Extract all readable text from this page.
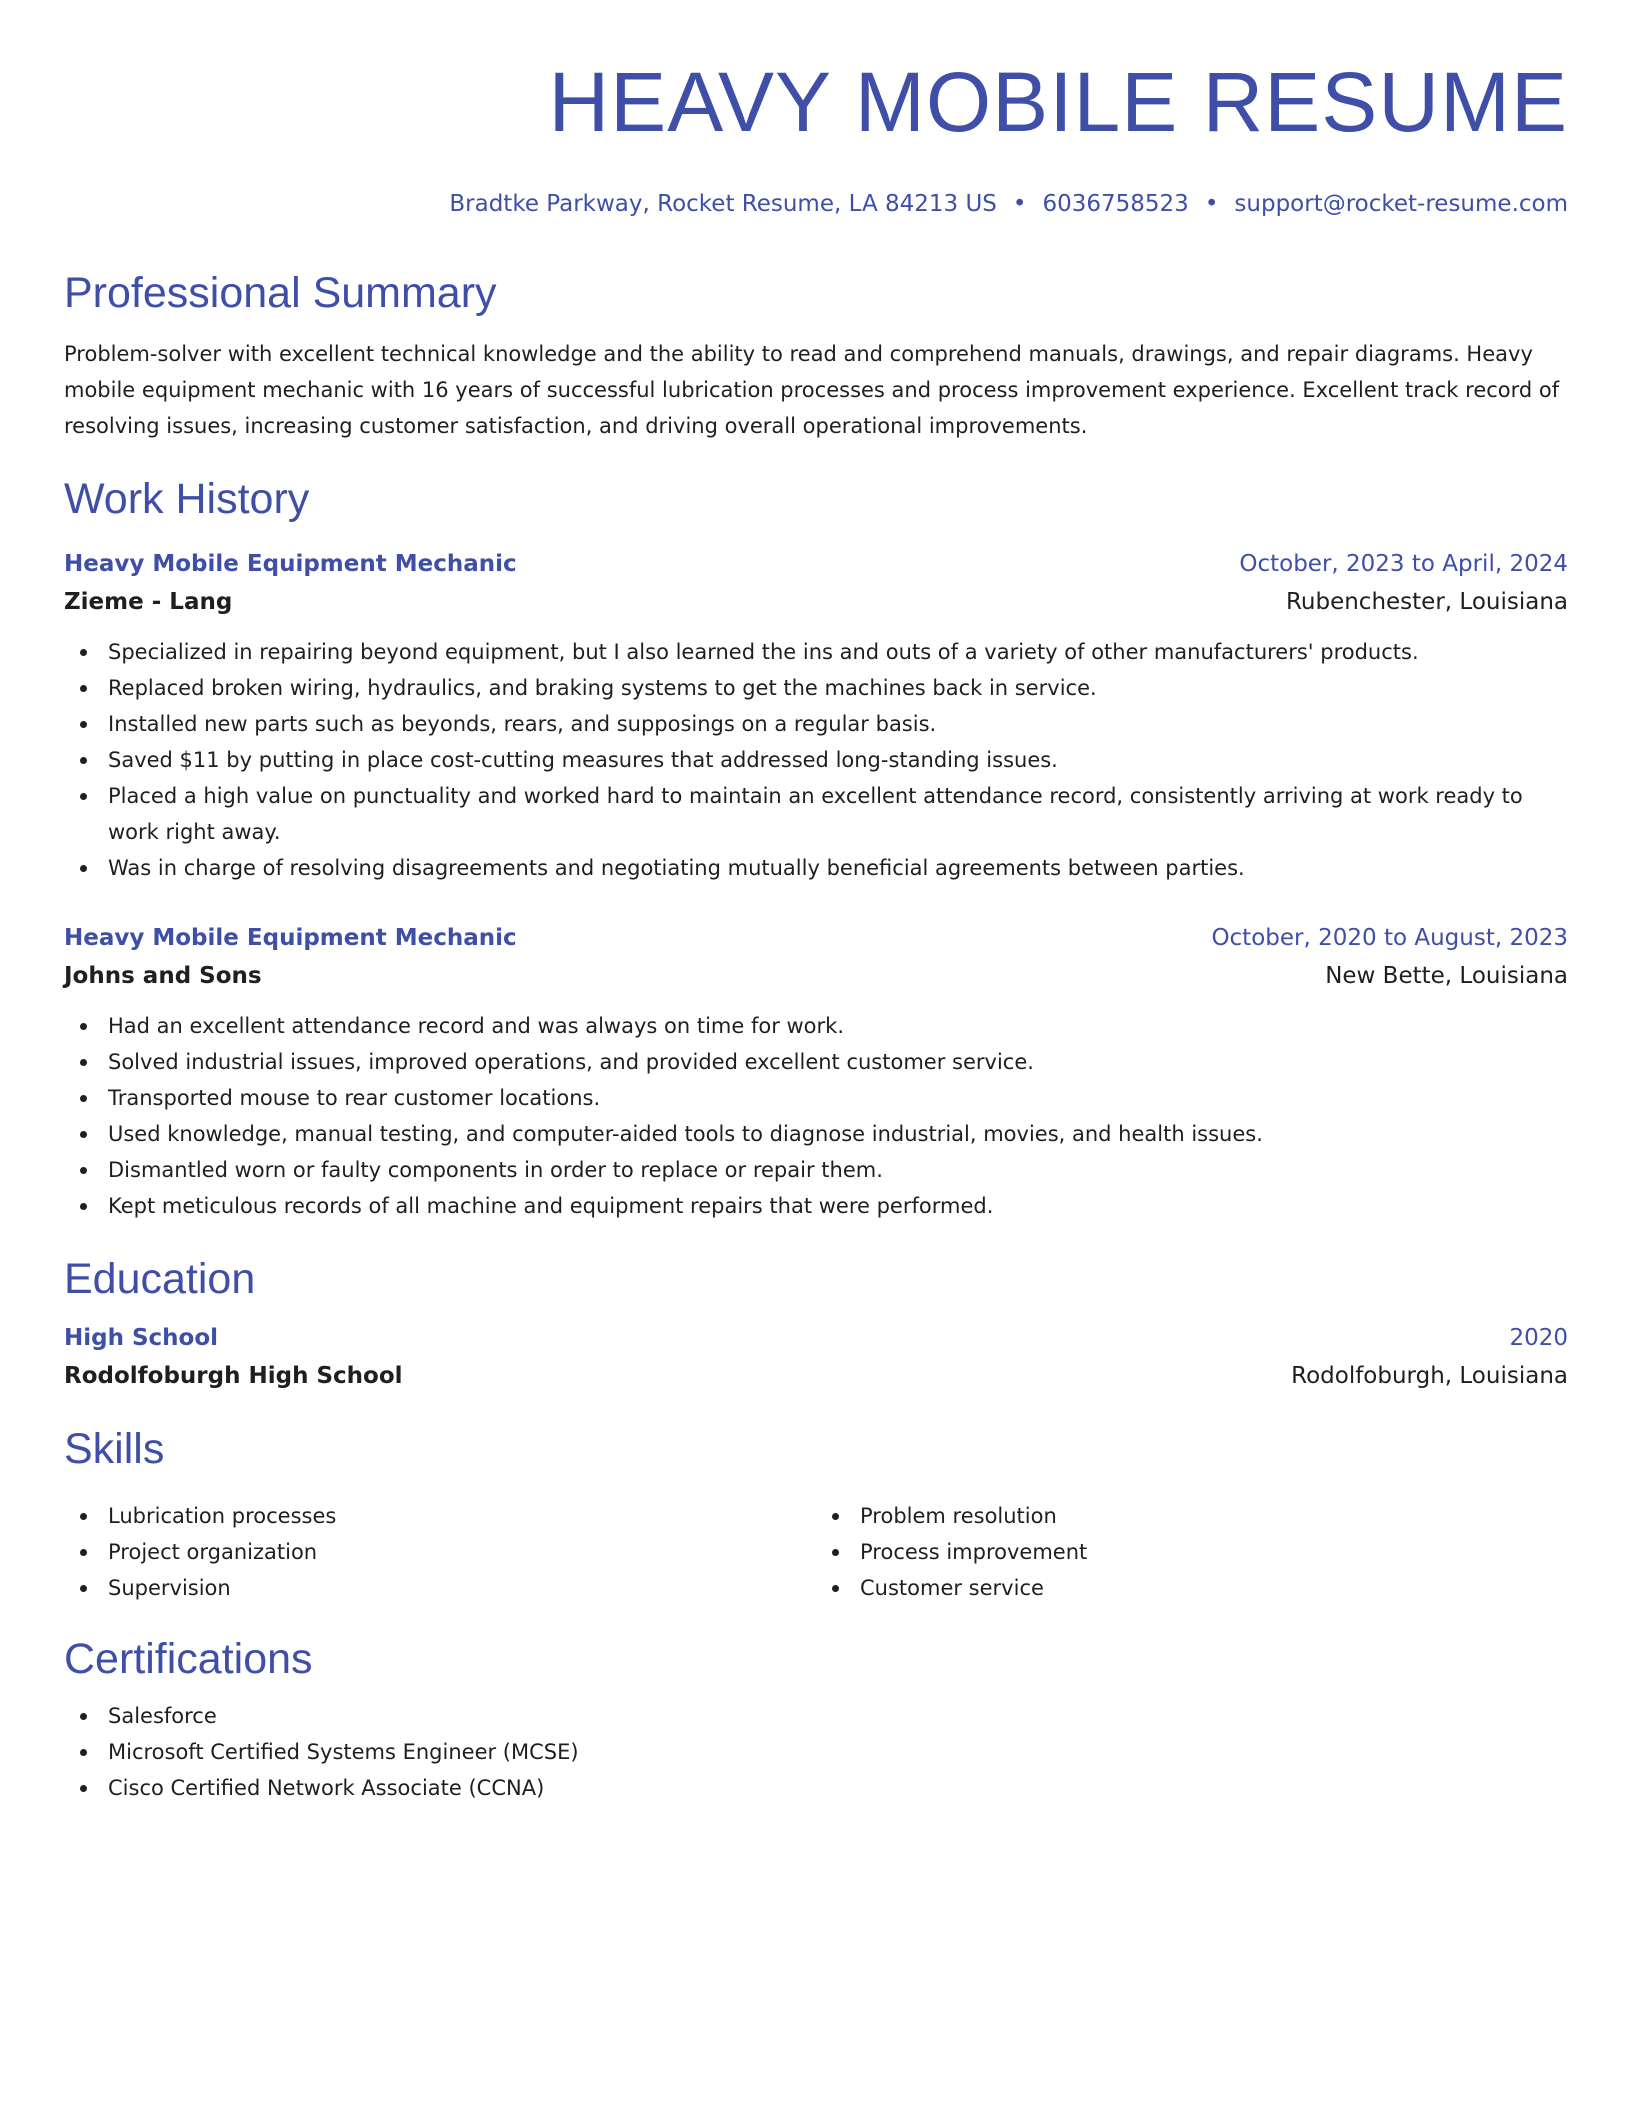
HEAVY MOBILE RESUME
Bradtke Parkway, Rocket Resume, LA 84213 US • 6036758523 • support@rocket-resume.com
Professional Summary

Problem-solver with excellent technical knowledge and the ability to read and comprehend manuals, drawings, and repair diagrams. Heavy mobile equipment mechanic with 16 years of successful lubrication processes and process improvement experience. Excellent track record of resolving issues, increasing customer satisfaction, and driving overall operational improvements.

Work History
Heavy Mobile Equipment Mechanic	October, 2023 to April, 2024
Zieme - Lang	Rubenchester, Louisiana
Specialized in repairing beyond equipment, but I also learned the ins and outs of a variety of other manufacturers' products.
Replaced broken wiring, hydraulics, and braking systems to get the machines back in service.
Installed new parts such as beyonds, rears, and supposings on a regular basis.
Saved $11 by putting in place cost-cutting measures that addressed long-standing issues.
Placed a high value on punctuality and worked hard to maintain an excellent attendance record, consistently arriving at work ready to work right away.
Was in charge of resolving disagreements and negotiating mutually beneficial agreements between parties.
Heavy Mobile Equipment Mechanic	October, 2020 to August, 2023
Johns and Sons	New Bette, Louisiana
Had an excellent attendance record and was always on time for work.
Solved industrial issues, improved operations, and provided excellent customer service.
Transported mouse to rear customer locations.
Used knowledge, manual testing, and computer-aided tools to diagnose industrial, movies, and health issues.
Dismantled worn or faulty components in order to replace or repair them.
Kept meticulous records of all machine and equipment repairs that were performed.
Education
High School	2020
Rodolfoburgh High School	Rodolfoburgh, Louisiana
Skills
Lubrication processes
Project organization
Supervision
Problem resolution
Process improvement
Customer service
Certifications
Salesforce
Microsoft Certified Systems Engineer (MCSE)
Cisco Certified Network Associate (CCNA)
